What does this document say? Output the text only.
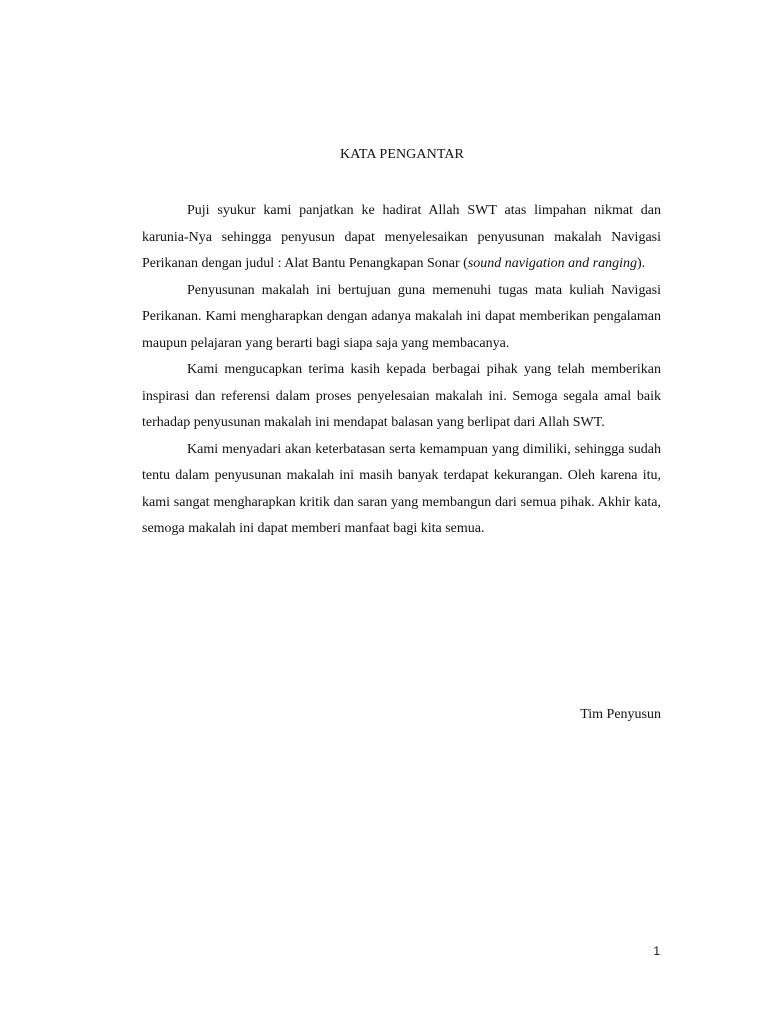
KATA PENGANTAR

Puji syukur kami panjatkan ke hadirat Allah SWT atas limpahan nikmat dan karunia-Nya sehingga penyusun dapat menyelesaikan penyusunan makalah Navigasi Perikanan dengan judul : Alat Bantu Penangkapan Sonar (sound navigation and ranging).

Penyusunan makalah ini bertujuan guna memenuhi tugas mata kuliah Navigasi Perikanan. Kami mengharapkan dengan adanya makalah ini dapat memberikan pengalaman maupun pelajaran yang berarti bagi siapa saja yang membacanya.

Kami mengucapkan terima kasih kepada berbagai pihak yang telah memberikan inspirasi dan referensi dalam proses penyelesaian makalah ini. Semoga segala amal baik terhadap penyusunan makalah ini mendapat balasan yang berlipat dari Allah SWT.

Kami menyadari akan keterbatasan serta kemampuan yang dimiliki, sehingga sudah tentu dalam penyusunan makalah ini masih banyak terdapat kekurangan. Oleh karena itu, kami sangat mengharapkan kritik dan saran yang membangun dari semua pihak. Akhir kata, semoga makalah ini dapat memberi manfaat bagi kita semua.

Tim Penyusun
1
